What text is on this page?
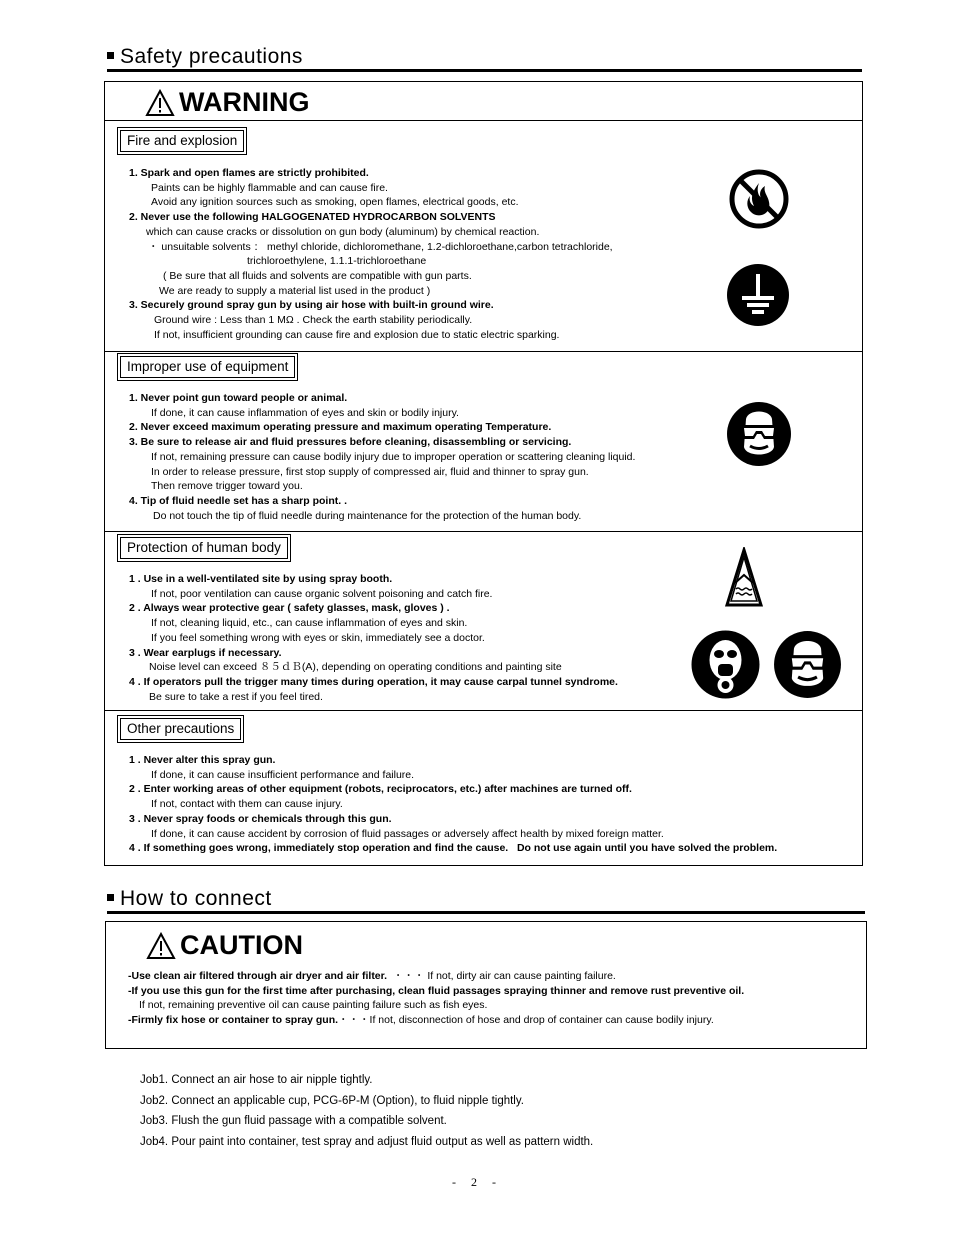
Safety precautions
WARNING
Fire and explosion
1. Spark and open flames are strictly prohibited.
Paints can be highly flammable and can cause fire.
Avoid any ignition sources such as smoking, open flames, electrical goods, etc.
2. Never use the following HALGOGENATED HYDROCARBON SOLVENTS
which can cause cracks or dissolution on gun body (aluminum) by chemical reaction.
・ unsuitable solvents ： methyl chloride, dichloromethane, 1.2-dichloroethane,carbon tetrachloride,
trichloroethylene, 1.1.1-trichloroethane
( Be sure that all fluids and solvents are compatible with gun parts.
We are ready to supply a material list used in the product )
3. Securely ground spray gun by using air hose with built-in ground wire.
Ground wire : Less than 1 MΩ . Check the earth stability periodically.
If not, insufficient grounding can cause fire and explosion due to static electric sparking.
Improper use of equipment
1. Never point gun toward people or animal.
If done, it can cause inflammation of eyes and skin or bodily injury.
2. Never exceed maximum operating pressure and maximum operating Temperature.
3. Be sure to release air and fluid pressures before cleaning, disassembling or servicing.
If not, remaining pressure can cause bodily injury due to improper operation or scattering cleaning liquid.
In order to release pressure, first stop supply of compressed air, fluid and thinner to spray gun.
Then remove trigger toward you.
4. Tip of fluid needle set has a sharp point. .
Do not touch the tip of fluid needle during maintenance for the protection of the human body.
Protection of human body
1 . Use in a well-ventilated site by using spray booth.
If not, poor ventilation can cause organic solvent poisoning and catch fire.
2 . Always wear protective gear ( safety glasses, mask, gloves ) .
If not, cleaning liquid, etc., can cause inflammation of eyes and skin.
If you feel something wrong with eyes or skin, immediately see a doctor.
3 . Wear earplugs if necessary.
Noise level can exceed ８５ｄＢ(A), depending on operating conditions and painting site
4 . If operators pull the trigger many times during operation, it may cause carpal tunnel syndrome.
Be sure to take a rest if you feel tired.
Other precautions
1 . Never alter this spray gun.
If done, it can cause insufficient performance and failure.
2 . Enter working areas of other equipment (robots, reciprocators, etc.) after machines are turned off.
If not, contact with them can cause injury.
3 . Never spray foods or chemicals through this gun.
If done, it can cause accident by corrosion of fluid passages or adversely affect health by mixed foreign matter.
4 . If something goes wrong, immediately stop operation and find the cause.   Do not use again until you have solved the problem.
How to connect
CAUTION
-Use clean air filtered through air dryer and air filter.  ・・・ If not, dirty air can cause painting failure.
-If you use this gun for the first time after purchasing, clean fluid passages spraying thinner and remove rust preventive oil.
If not, remaining preventive oil can cause painting failure such as fish eyes.
-Firmly fix hose or container to spray gun.・・・If not, disconnection of hose and drop of container can cause bodily injury.
Job1. Connect an air hose to air nipple tightly.
Job2. Connect an applicable cup, PCG-6P-M (Option), to fluid nipple tightly.
Job3. Flush the gun fluid passage with a compatible solvent.
Job4. Pour paint into container, test spray and adjust fluid output as well as pattern width.
- 2 -
